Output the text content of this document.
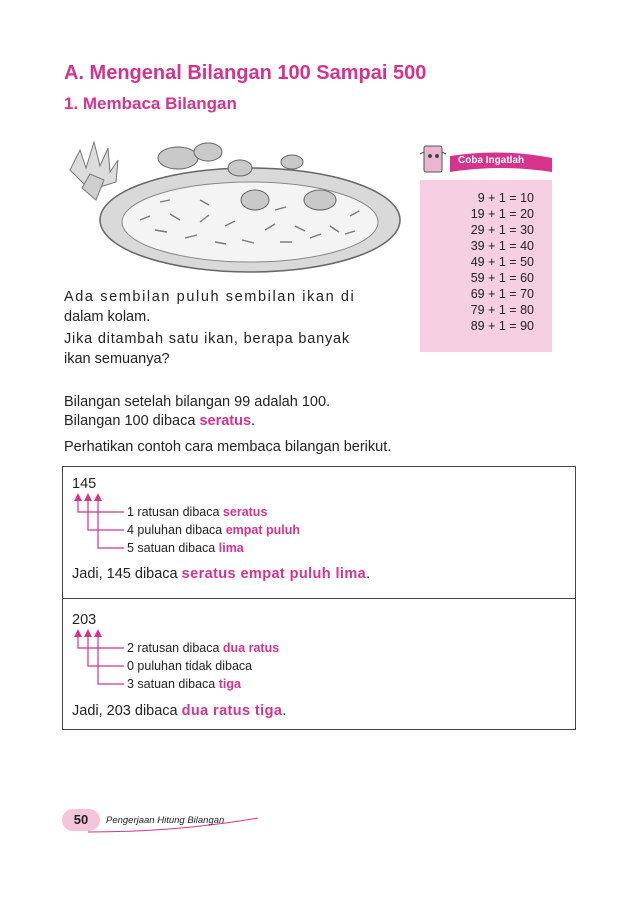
A. Mengenal Bilangan 100 Sampai 500
1. Membaca Bilangan
Coba Ingatlah
9 + 1 = 10
19 + 1 = 20
29 + 1 = 30
39 + 1 = 40
49 + 1 = 50
59 + 1 = 60
69 + 1 = 70
79 + 1 = 80
89 + 1 = 90
Ada sembilan puluh sembilan ikan di
dalam kolam.
Jika ditambah satu ikan, berapa banyak
ikan semuanya?
Bilangan setelah bilangan 99 adalah 100.
Bilangan 100 dibaca seratus.
Perhatikan contoh cara membaca bilangan berikut.
145
1 ratusan dibaca seratus
4 puluhan dibaca empat puluh
5 satuan dibaca lima
Jadi, 145 dibaca seratus empat puluh lima.
203
2 ratusan dibaca dua ratus
0 puluhan tidak dibaca
3 satuan dibaca tiga
Jadi, 203 dibaca dua ratus tiga.
50	Pengerjaan Hitung Bilangan
